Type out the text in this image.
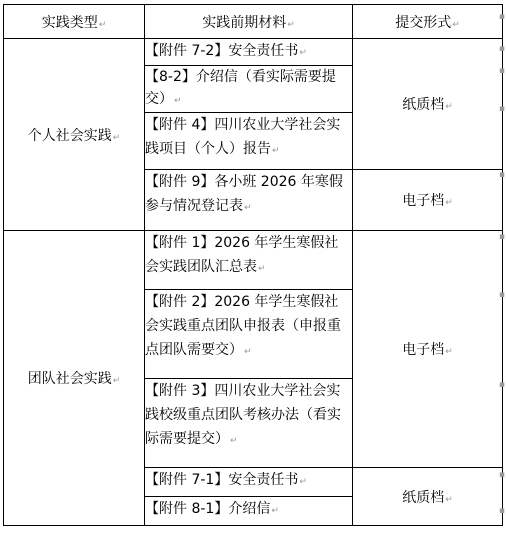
实践类型↵	实践前期材料↵	提交形式↵
个人社会实践↵	【附件 7-2】安全责任书↵	纸质档↵
	【8-2】介绍信（看实际需要提交）↵	
	【附件 4】四川农业大学社会实践项目（个人）报告↵	
	【附件 9】各小班 2026 年寒假参与情况登记表↵	电子档↵
团队社会实践↵	【附件 1】2026 年学生寒假社会实践团队汇总表↵	电子档↵
	【附件 2】2026 年学生寒假社会实践重点团队申报表（申报重点团队需要交）↵	
	【附件 3】四川农业大学社会实践校级重点团队考核办法（看实际需要提交）↵	
	【附件 7-1】安全责任书↵	纸质档↵
	【附件 8-1】介绍信↵	
▪
▪
▪
▪
▪
▪
▪
▪
▪
▪
